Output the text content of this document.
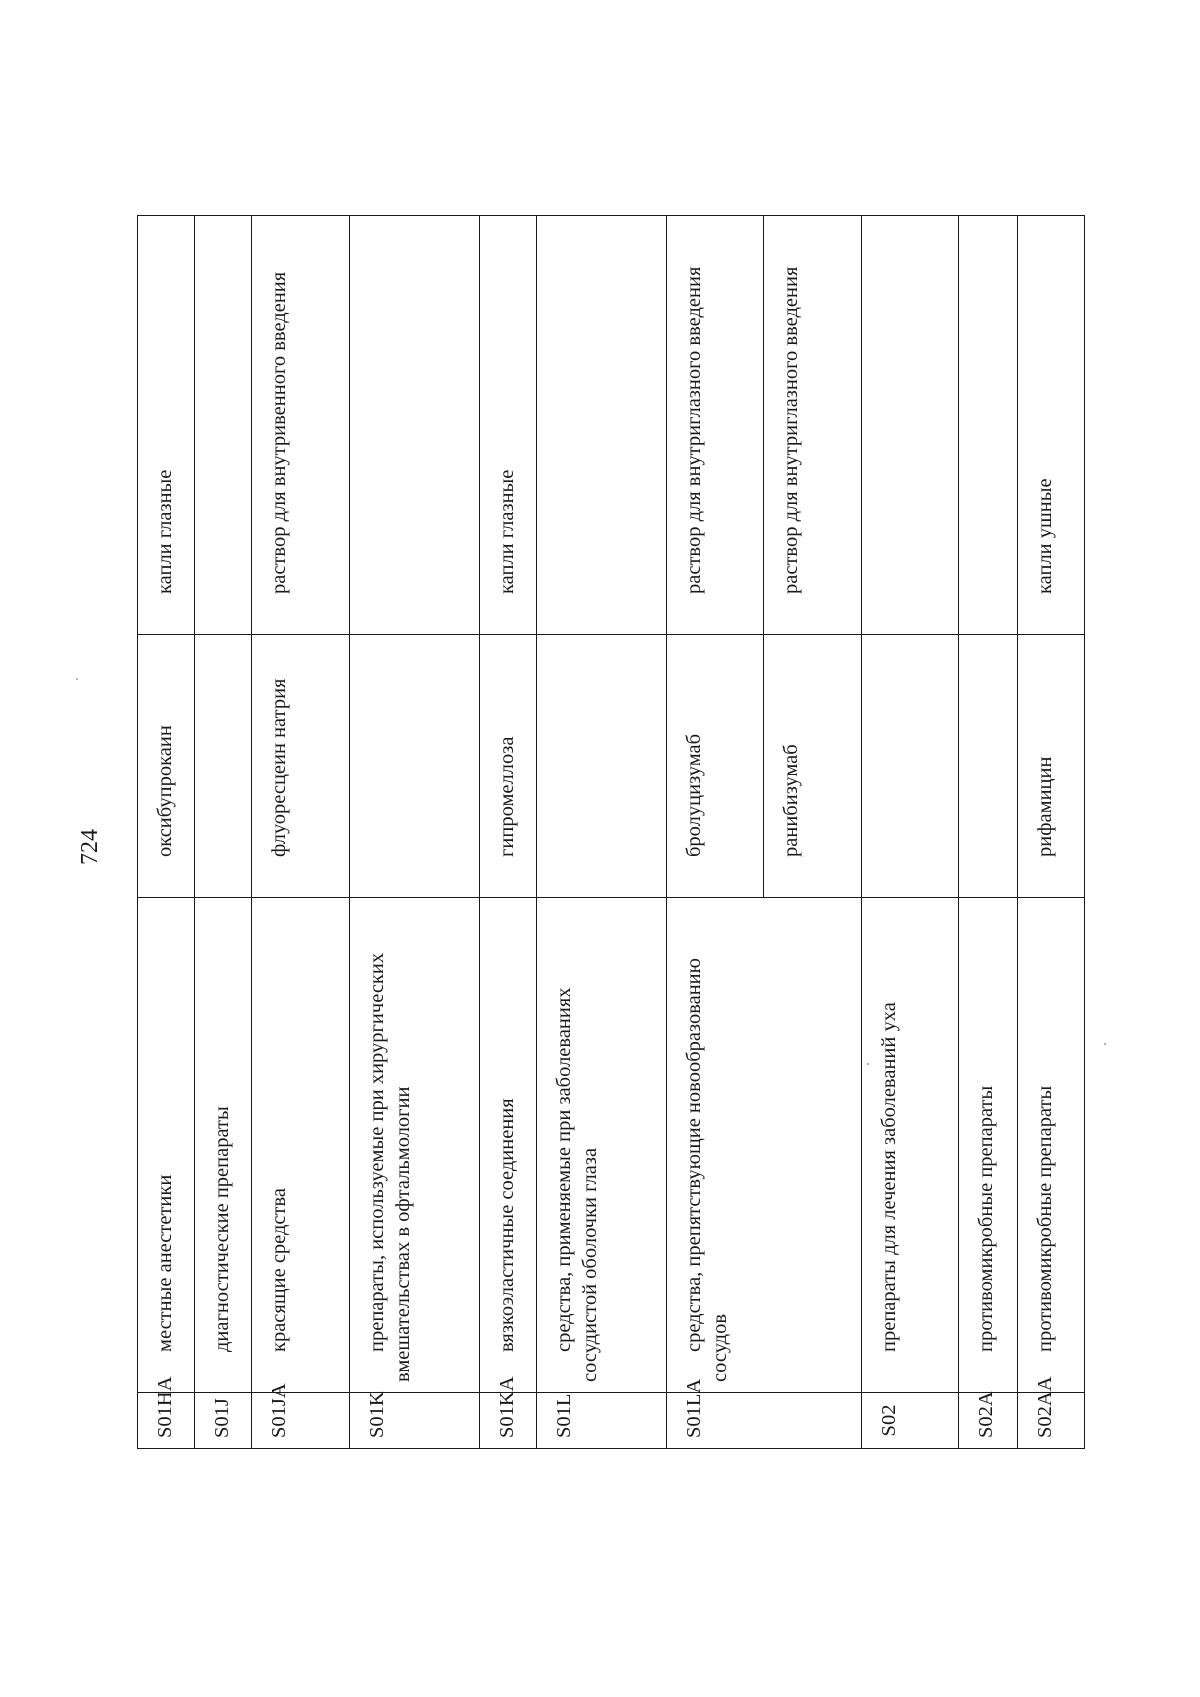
724
S01HA	местные анестетики	оксибупрокаин	капли глазные
S01J	диагностические препараты		
S01JA	красящие средства	флуоресцеин натрия	раствор для внутривенного введения
S01K	препараты, используемые при хирургических вмешательствах в офтальмологии		
S01KA	вязкоэластичные соединения	гипромеллоза	капли глазные
S01L	средства, применяемые при заболеваниях сосудистой оболочки глаза		
S01LA	средства, препятствующие новообразованию сосудов	бролуцизумаб	раствор для внутриглазного введения
		ранибизумаб	раствор для внутриглазного введения
S02	препараты для лечения заболеваний уха		
S02A	противомикробные препараты		
S02AA	противомикробные препараты	рифамицин	капли ушные
